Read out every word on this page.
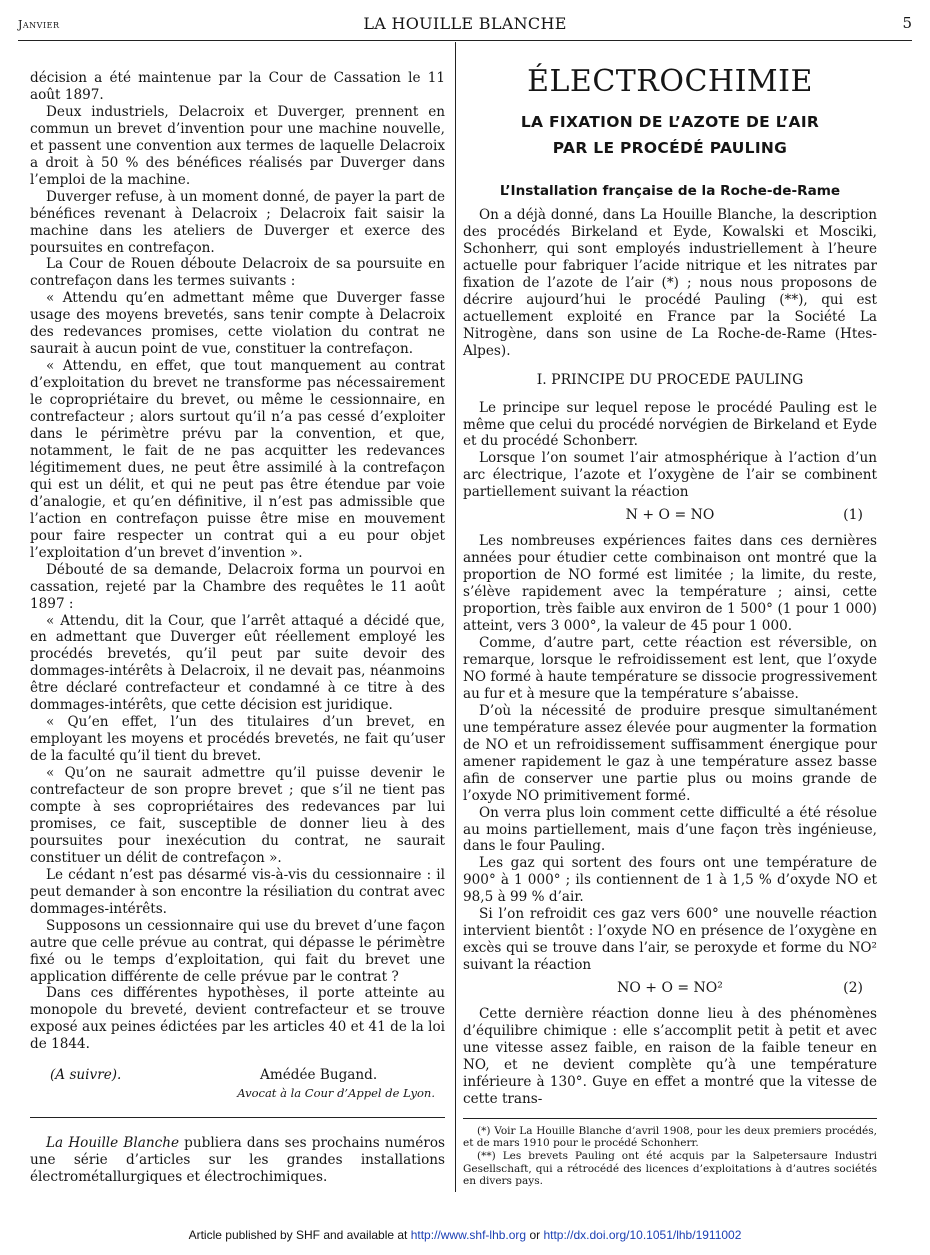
Janvier	LA HOUILLE BLANCHE	5

décision a été maintenue par la Cour de Cassation le 11 août 1897.

Deux industriels, Delacroix et Duverger, prennent en commun un brevet d’invention pour une machine nouvelle, et passent une convention aux termes de laquelle Delacroix a droit à 50 % des bénéfices réalisés par Duverger dans l’emploi de la machine.

Duverger refuse, à un moment donné, de payer la part de bénéfices revenant à Delacroix ; Delacroix fait saisir la machine dans les ateliers de Duverger et exerce des poursuites en contrefaçon.

La Cour de Rouen déboute Delacroix de sa poursuite en contrefaçon dans les termes suivants :

« Attendu qu’en admettant même que Duverger fasse usage des moyens brevetés, sans tenir compte à Delacroix des redevances promises, cette violation du contrat ne saurait à aucun point de vue, constituer la contrefaçon.

« Attendu, en effet, que tout manquement au contrat d’exploitation du brevet ne transforme pas nécessairement le copropriétaire du brevet, ou même le cessionnaire, en contrefacteur ; alors surtout qu’il n’a pas cessé d’exploiter dans le périmètre prévu par la convention, et que, notamment, le fait de ne pas acquitter les redevances légitimement dues, ne peut être assimilé à la contrefaçon qui est un délit, et qui ne peut pas être étendue par voie d’analogie, et qu’en définitive, il n’est pas admissible que l’action en contrefaçon puisse être mise en mouvement pour faire respecter un contrat qui a eu pour objet l’exploitation d’un brevet d’invention ».

Débouté de sa demande, Delacroix forma un pourvoi en cassation, rejeté par la Chambre des requêtes le 11 août 1897 :

« Attendu, dit la Cour, que l’arrêt attaqué a décidé que, en admettant que Duverger eût réellement employé les procédés brevetés, qu’il peut par suite devoir des dommages-intérêts à Delacroix, il ne devait pas, néanmoins être déclaré contrefacteur et condamné à ce titre à des dommages-intérêts, que cette décision est juridique.

« Qu’en effet, l’un des titulaires d’un brevet, en employant les moyens et procédés brevetés, ne fait qu’user de la faculté qu’il tient du brevet.

« Qu’on ne saurait admettre qu’il puisse devenir le contrefacteur de son propre brevet ; que s’il ne tient pas compte à ses copropriétaires des redevances par lui promises, ce fait, susceptible de donner lieu à des poursuites pour inexécution du contrat, ne saurait constituer un délit de contrefaçon ».

Le cédant n’est pas désarmé vis-à-vis du cessionnaire : il peut demander à son encontre la résiliation du contrat avec dommages-intérêts.

Supposons un cessionnaire qui use du brevet d’une façon autre que celle prévue au contrat, qui dépasse le périmètre fixé ou le temps d’exploitation, qui fait du brevet une application différente de celle prévue par le contrat ?

Dans ces différentes hypothèses, il porte atteinte au monopole du breveté, devient contrefacteur et se trouve exposé aux peines édictées par les articles 40 et 41 de la loi de 1844.

(A suivre).	Amédée Bugand.
Avocat à la Cour d’Appel de Lyon.

La Houille Blanche publiera dans ses prochains numéros une série d’articles sur les grandes installations électrométallurgiques et électrochimiques.

ÉLECTROCHIMIE
LA FIXATION DE L’AZOTE DE L’AIR
PAR LE PROCÉDÉ PAULING
L’Installation française de la Roche-de-Rame

On a déjà donné, dans La Houille Blanche, la description des procédés Birkeland et Eyde, Kowalski et Mosciki, Schonherr, qui sont employés industriellement à l’heure actuelle pour fabriquer l’acide nitrique et les nitrates par fixation de l’azote de l’air (*) ; nous nous proposons de décrire aujourd’hui le procédé Pauling (**), qui est actuellement exploité en France par la Société La Nitrogène, dans son usine de La Roche-de-Rame (Htes-Alpes).

I. PRINCIPE DU PROCEDE PAULING

Le principe sur lequel repose le procédé Pauling est le même que celui du procédé norvégien de Birkeland et Eyde et du procédé Schonberr.

Lorsque l’on soumet l’air atmosphérique à l’action d’un arc électrique, l’azote et l’oxygène de l’air se combinent partiellement suivant la réaction

N + O = NO	(1)

Les nombreuses expériences faites dans ces dernières années pour étudier cette combinaison ont montré que la proportion de NO formé est limitée ; la limite, du reste, s’élève rapidement avec la température ; ainsi, cette proportion, très faible aux environ de 1 500° (1 pour 1 000) atteint, vers 3 000°, la valeur de 45 pour 1 000.

Comme, d’autre part, cette réaction est réversible, on remarque, lorsque le refroidissement est lent, que l’oxyde NO formé à haute température se dissocie progressivement au fur et à mesure que la température s’abaisse.

D’où la nécessité de produire presque simultanément une température assez élevée pour augmenter la formation de NO et un refroidissement suffisamment énergique pour amener rapidement le gaz à une température assez basse afin de conserver une partie plus ou moins grande de l’oxyde NO primitivement formé.

On verra plus loin comment cette difficulté a été résolue au moins partiellement, mais d’une façon très ingénieuse, dans le four Pauling.

Les gaz qui sortent des fours ont une température de 900° à 1 000° ; ils contiennent de 1 à 1,5 % d’oxyde NO et 98,5 à 99 % d’air.

Si l’on refroidit ces gaz vers 600° une nouvelle réaction intervient bientôt : l’oxyde NO en présence de l’oxygène en excès qui se trouve dans l’air, se peroxyde et forme du NO² suivant la réaction

NO + O = NO²	(2)

Cette dernière réaction donne lieu à des phénomènes d’équilibre chimique : elle s’accomplit petit à petit et avec une vitesse assez faible, en raison de la faible teneur en NO, et ne devient complète qu’à une température inférieure à 130°. Guye en effet a montré que la vitesse de cette trans-

(*) Voir La Houille Blanche d’avril 1908, pour les deux premiers procédés, et de mars 1910 pour le procédé Schonherr.

(**) Les brevets Pauling ont été acquis par la Salpetersaure Industri Gesellschaft, qui a rétrocédé des licences d’exploitations à d’autres sociétés en divers pays.

Article published by SHF and available at http://www.shf-lhb.org or http://dx.doi.org/10.1051/lhb/1911002
